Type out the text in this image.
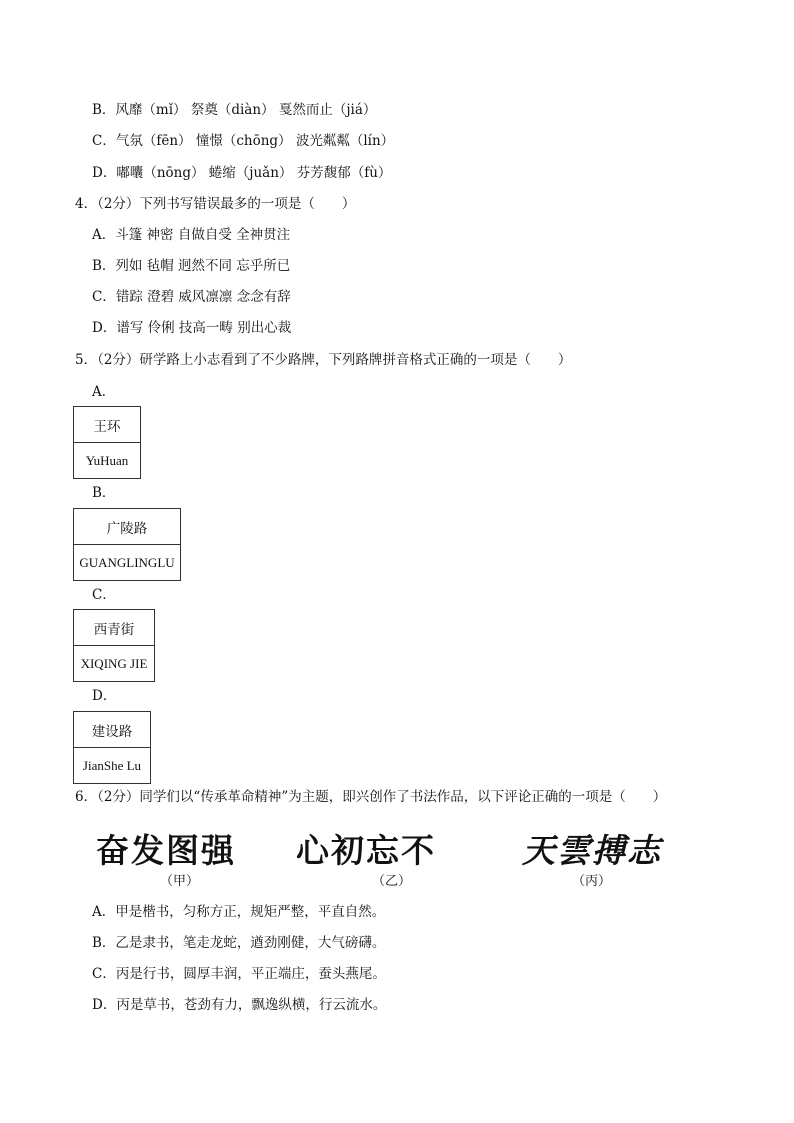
B．风靡（mǐ） 祭奠（diàn） 戛然而止（jiá）
C．气氛（fēn） 憧憬（chōng） 波光粼粼（lín）
D．嘟囔（nōng） 蜷缩（juǎn） 芬芳馥郁（fù）
4．（2分）下列书写错误最多的一项是（　　）
A．斗篷 神密 自做自受 全神贯注
B．列如 毡帽 迥然不同 忘乎所已
C．错踪 澄碧 威风凛凛 念念有辞
D．谱写 伶俐 技高一畴 别出心裁
5．（2分）研学路上小志看到了不少路牌，下列路牌拼音格式正确的一项是（　　）
A．
王环
YuHuan
B．
广陵路
GUANGLINGLU
C．
西青街
XIQING JIE
D．
建设路
JianShe Lu
6．（2分）同学们以“传承革命精神”为主题，即兴创作了书法作品，以下评论正确的一项是（　　）
奋发图强 心初忘不	天雲搏志
（甲）	（乙）	（丙）
A．甲是楷书，匀称方正，规矩严整，平直自然。
B．乙是隶书，笔走龙蛇，遒劲刚健，大气磅礴。
C．丙是行书，圆厚丰润，平正端庄，蚕头燕尾。
D．丙是草书，苍劲有力，飘逸纵横，行云流水。
